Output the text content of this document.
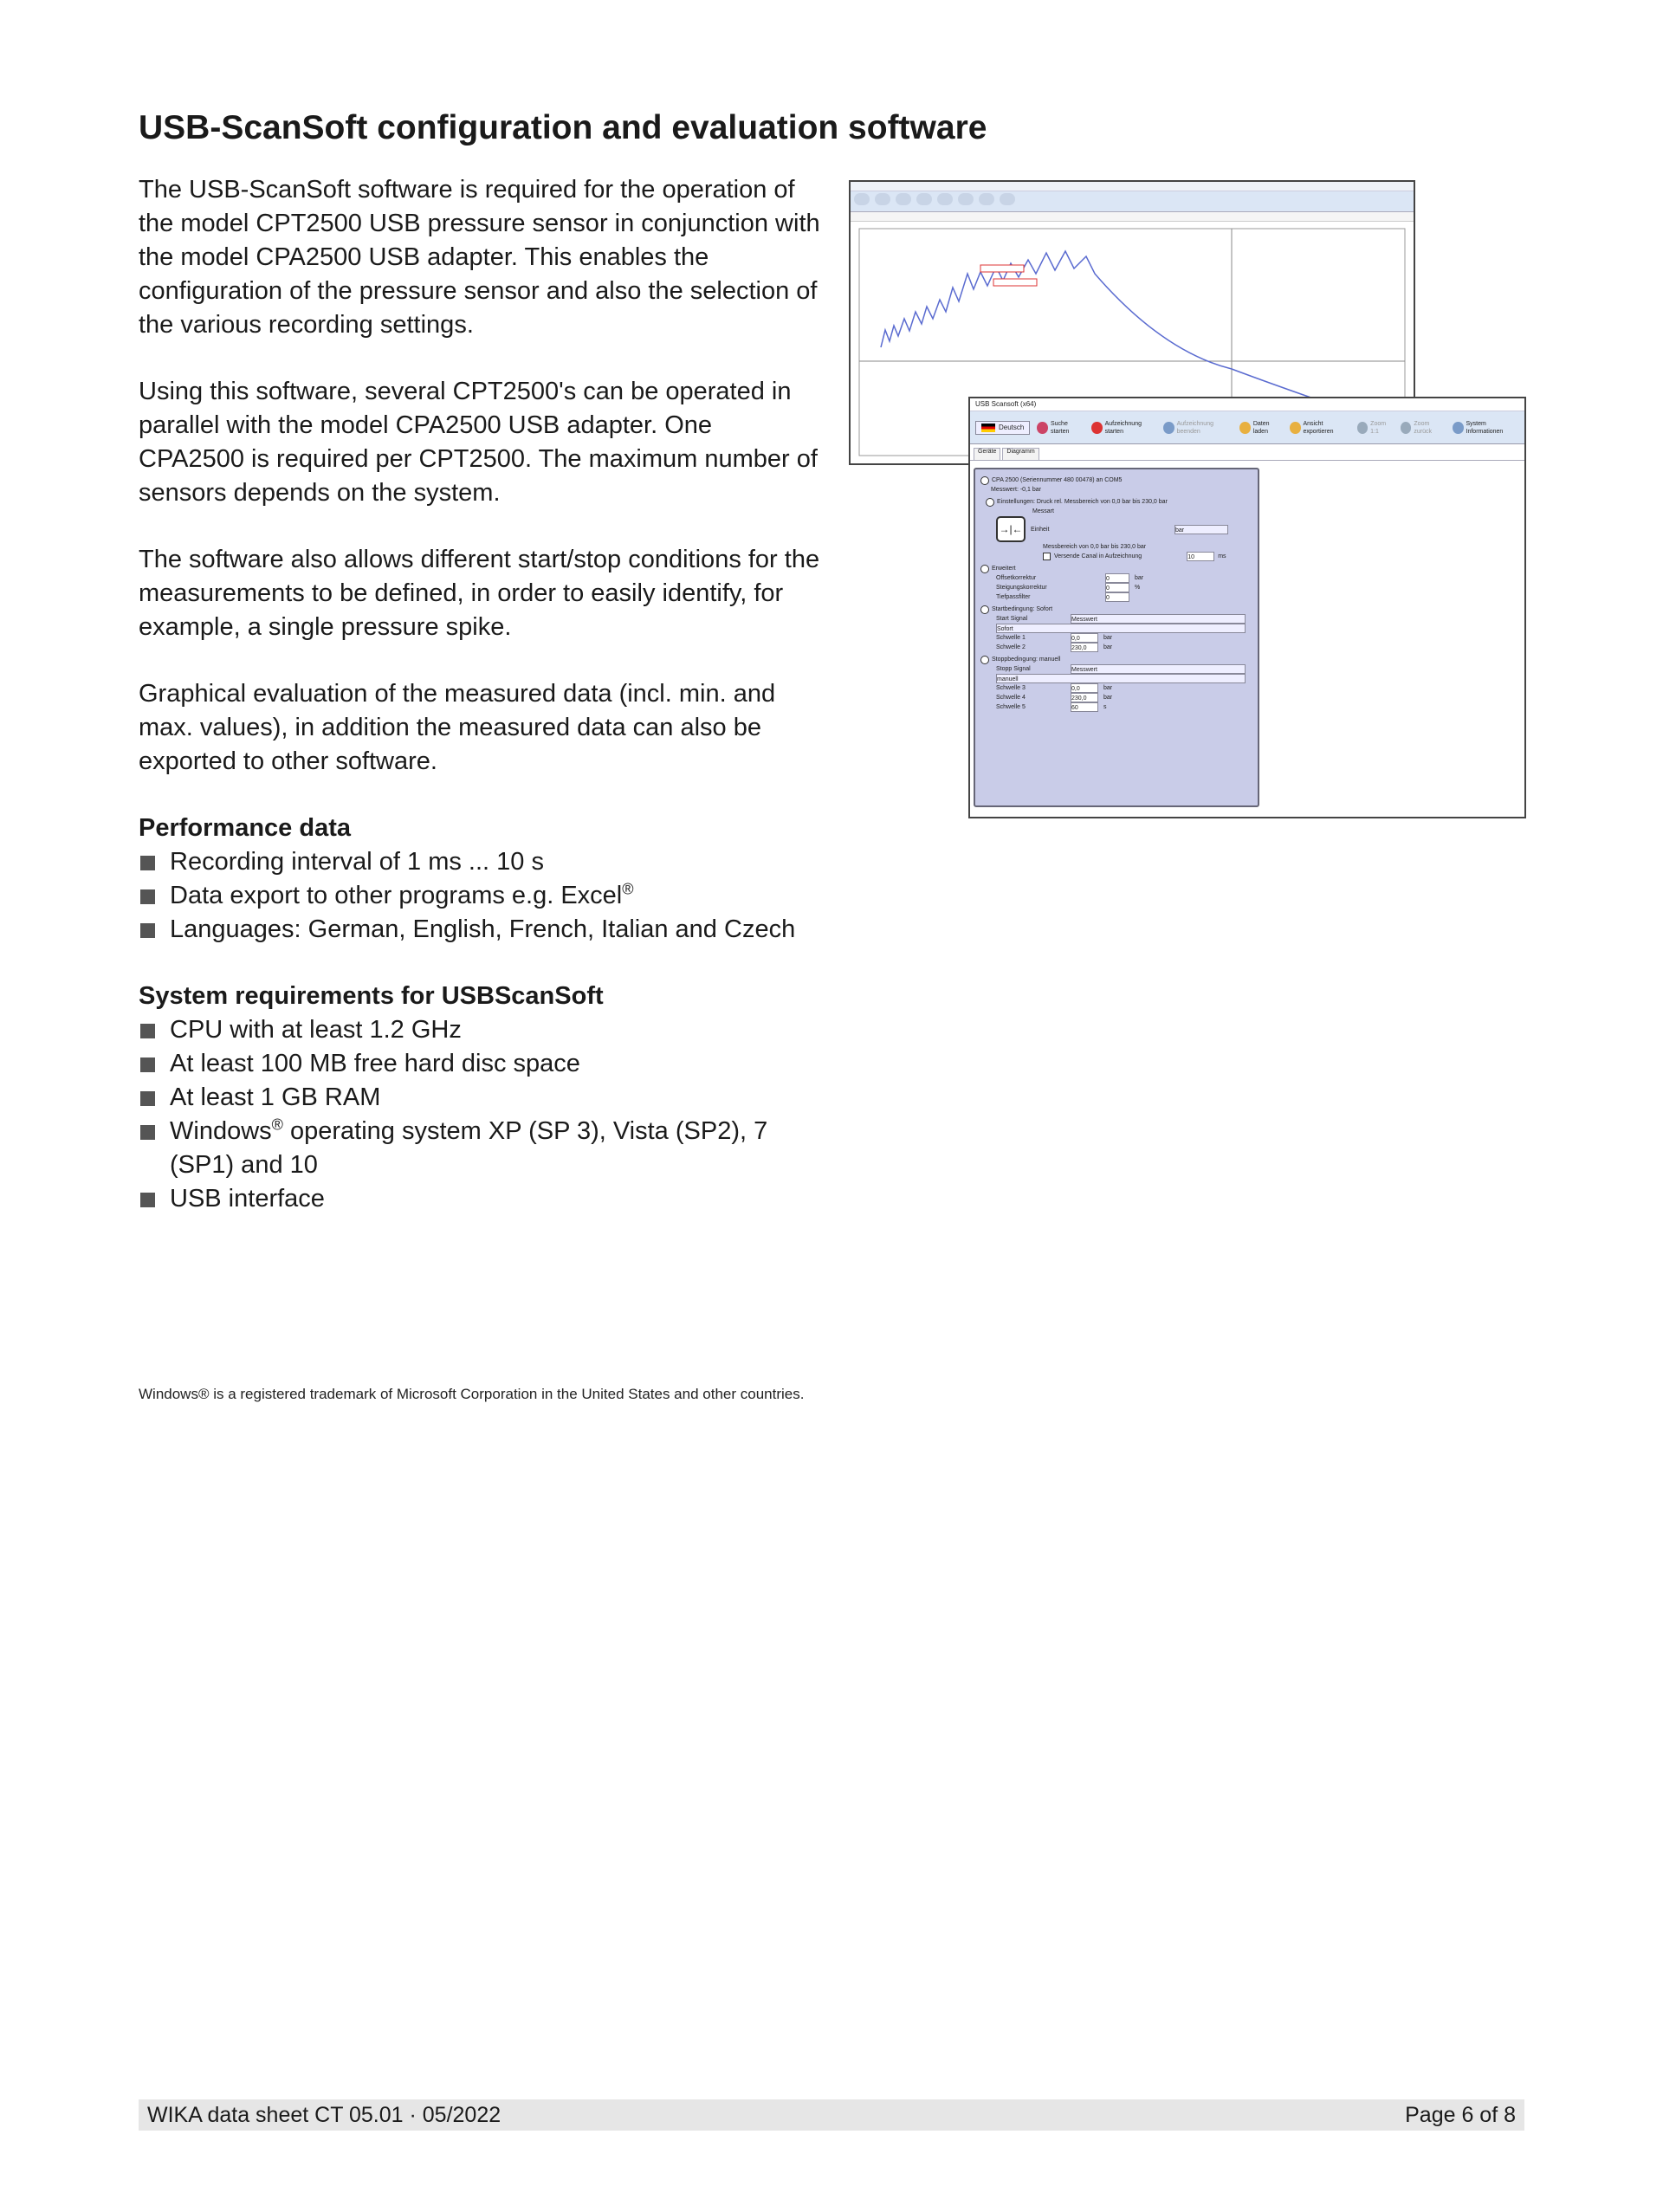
USB-ScanSoft configuration and evaluation software

The USB-ScanSoft software is required for the operation of the model CPT2500 USB pressure sensor in conjunction with the model CPA2500 USB adapter. This enables the configuration of the pressure sensor and also the selection of the various recording settings.

Using this software, several CPT2500's can be operated in parallel with the model CPA2500 USB adapter. One CPA2500 is required per CPT2500. The maximum number of sensors depends on the system.

The software also allows different start/stop conditions for the measurements to be defined, in order to easily identify, for example, a single pressure spike.

Graphical evaluation of the measured data (incl. min. and max. values), in addition the measured data can also be exported to other software.

Performance data
Recording interval of 1 ms ... 10 s
Data export to other programs e.g. Excel®
Languages: German, English, French, Italian and Czech
System requirements for USBScanSoft
CPU with at least 1.2 GHz
At least 100 MB free hard disc space
At least 1 GB RAM
Windows® operating system XP (SP 3), Vista (SP2), 7 (SP1) and 10
USB interface
USB Scansoft (x64)
Deutsch	Suche starten
Aufzeichnung starten
Aufzeichnung beenden
Daten laden
Ansicht exportieren
Zoom 1:1
Zoom zurück
System Informationen
Geräte	Diagramm
CPA 2500 (Seriennummer 480 00478) an COM5
Messwert: -0,1 bar
Einstellungen: Druck rel. Messbereich von 0,0 bar bis 230,0 bar
Messart
→|←	Einheit	bar
Messbereich von 0,0 bar bis 230,0 bar
Versende Canal in Aufzeichnung	10	ms
Erweitert
Offsetkorrektur	0	bar
Steigungskorrektur	0	%
Tiefpassfilter	0
Startbedingung: Sofort
Start Signal	Messwert
Sofort
Schwelle 1	0,0	bar
Schwelle 2	230,0	bar
Stoppbedingung: manuell
Stopp Signal	Messwert
manuell
Schwelle 3	0,0	bar
Schwelle 4	230,0	bar
Schwelle 5	60	s
Windows® is a registered trademark of Microsoft Corporation in the United States and other countries.
WIKA data sheet CT 05.01 · 05/2022	Page 6 of 8
